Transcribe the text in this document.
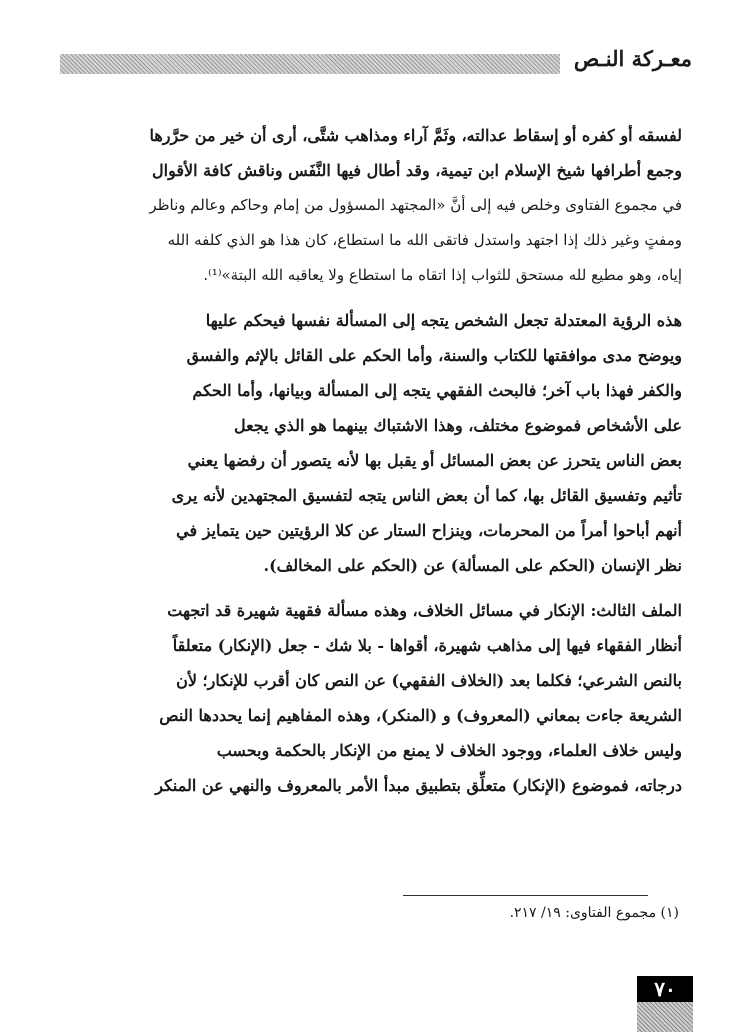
معـركة النـص
لفسقه أو كفره أو إسقاط عدالته، وثَمَّ آراء ومذاهب شتَّى، أرى أن خير من حرَّرها
وجمع أطرافها شيخ الإسلام ابن تيمية، وقد أطال فيها النَّفَس وناقش كافة الأقوال
في مجموع الفتاوى وخلص فيه إلى أنَّ «المجتهد المسؤول من إمام وحاكم وعالم وناظر
ومفتٍ وغير ذلك إذا اجتهد واستدل فاتقى الله ما استطاع، كان هذا هو الذي كلفه الله
إياه، وهو مطيع لله مستحق للثواب إذا اتقاه ما استطاع ولا يعاقبه الله البتة»⁽¹⁾.
هذه الرؤية المعتدلة تجعل الشخص يتجه إلى المسألة نفسها فيحكم عليها
ويوضح مدى موافقتها للكتاب والسنة، وأما الحكم على القائل بالإثم والفسق
والكفر فهذا باب آخر؛ فالبحث الفقهي يتجه إلى المسألة وبيانها، وأما الحكم
على الأشخاص فموضوع مختلف، وهذا الاشتباك بينهما هو الذي يجعل
بعض الناس يتحرز عن بعض المسائل أو يقبل بها لأنه يتصور أن رفضها يعني
تأثيم وتفسيق القائل بها، كما أن بعض الناس يتجه لتفسيق المجتهدين لأنه يرى
أنهم أباحوا أمراً من المحرمات، وينزاح الستار عن كلا الرؤيتين حين يتمايز في
نظر الإنسان (الحكم على المسألة) عن (الحكم على المخالف).
الملف الثالث: الإنكار في مسائل الخلاف، وهذه مسألة فقهية شهيرة قد اتجهت
أنظار الفقهاء فيها إلى مذاهب شهيرة، أقواها - بلا شك - جعل (الإنكار) متعلقاً
بالنص الشرعي؛ فكلما بعد (الخلاف الفقهي) عن النص كان أقرب للإنكار؛ لأن
الشريعة جاءت بمعاني (المعروف) و (المنكر)، وهذه المفاهيم إنما يحددها النص
وليس خلاف العلماء، ووجود الخلاف لا يمنع من الإنكار بالحكمة وبحسب
درجاته، فموضوع (الإنكار) متعلِّق بتطبيق مبدأ الأمر بالمعروف والنهي عن المنكر
(١) مجموع الفتاوى: ١٩/ ٢١٧.
٧٠
